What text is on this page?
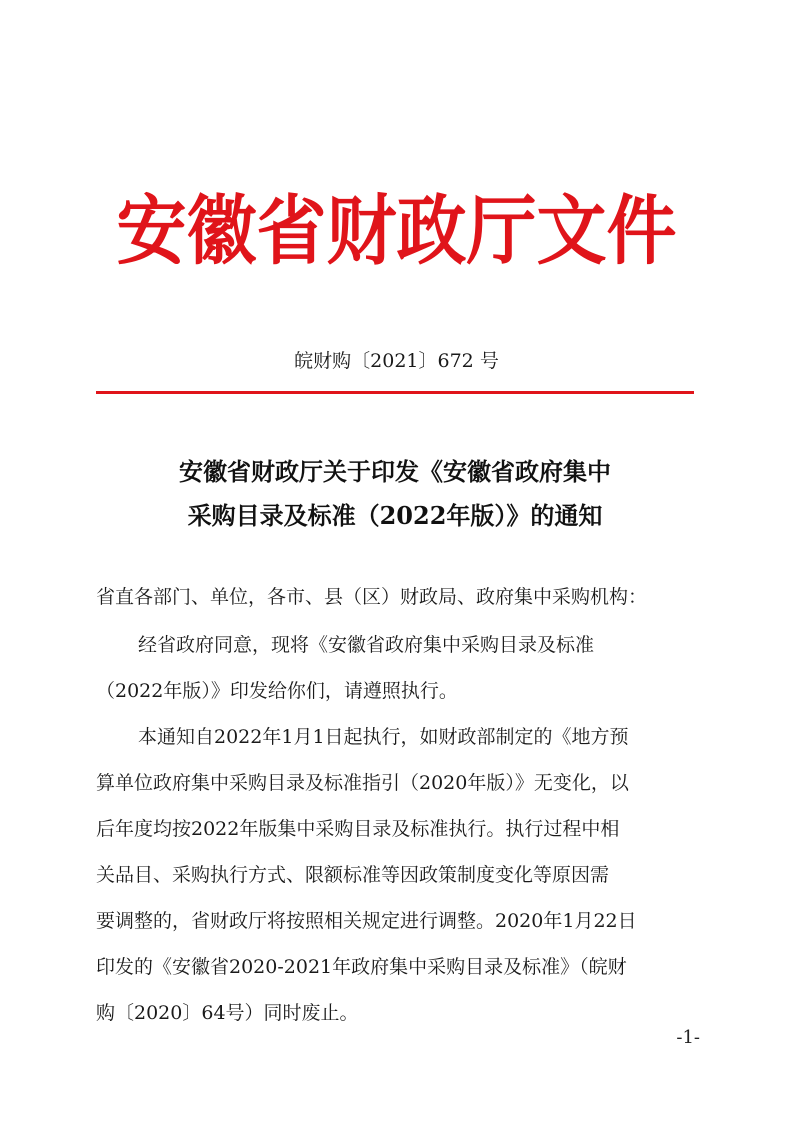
安徽省财政厅文件
皖财购〔2021〕672 号
安徽省财政厅关于印发《安徽省政府集中
采购目录及标准（2022年版）》的通知
省直各部门、单位，各市、县（区）财政局、政府集中采购机构：
经省政府同意，现将《安徽省政府集中采购目录及标准
（2022年版）》印发给你们，请遵照执行。
本通知自2022年1月1日起执行，如财政部制定的《地方预
算单位政府集中采购目录及标准指引（2020年版）》无变化，以
后年度均按2022年版集中采购目录及标准执行。执行过程中相
关品目、采购执行方式、限额标准等因政策制度变化等原因需
要调整的，省财政厅将按照相关规定进行调整。2020年1月22日
印发的《安徽省2020-2021年政府集中采购目录及标准》（皖财
购〔2020〕64号）同时废止。
-1-
